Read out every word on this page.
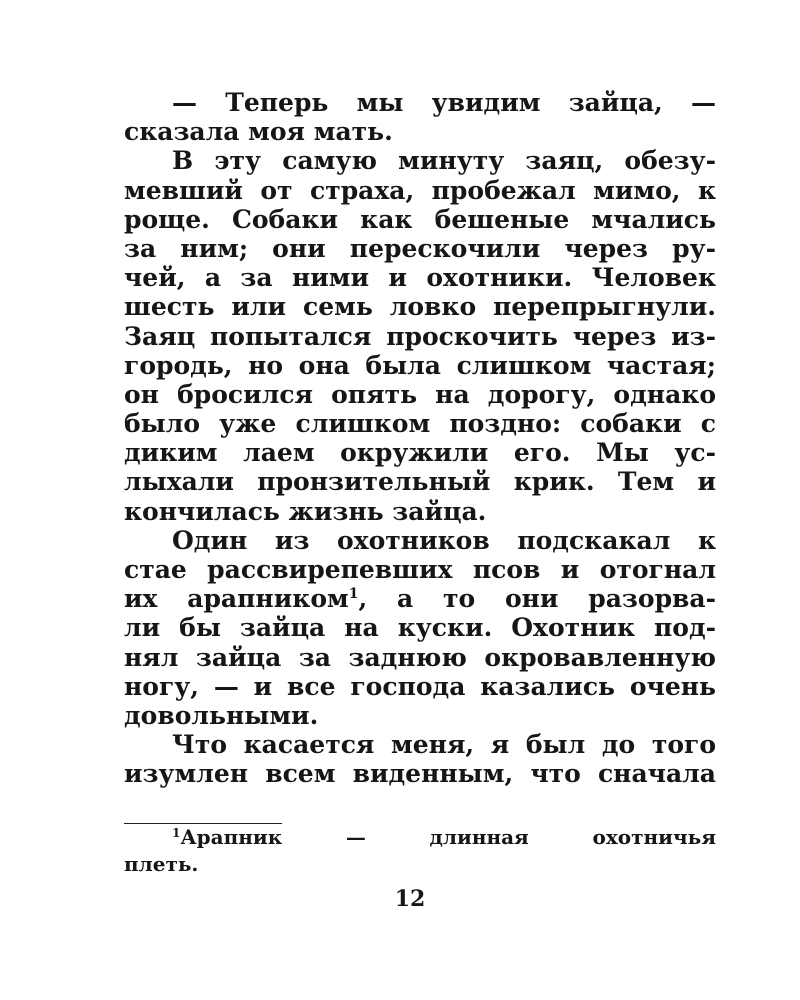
— Теперь мы увидим зайца, —
сказала моя мать.
В эту самую минуту заяц, обезу-
мевший от страха, пробежал мимо, к
роще. Собаки как бешеные мчались
за ним; они перескочили через ру-
чей, а за ними и охотники. Человек
шесть или семь ловко перепрыгнули.
Заяц попытался проскочить через из-
городь, но она была слишком частая;
он бросился опять на дорогу, однако
было уже слишком поздно: собаки с
диким лаем окружили его. Мы ус-
лыхали пронзительный крик. Тем и
кончилась жизнь зайца.
Один из охотников подскакал к
стае рассвирепевших псов и отогнал
их арапником$^1$, а то они разорва-
ли бы зайца на куски. Охотник под-
нял зайца за заднюю окровавленную
ногу, — и все господа казались очень
довольными.
Что касается меня, я был до того
изумлен всем виденным, что сначала
$^1$Арапник — длинная охотничья
плеть.
12
